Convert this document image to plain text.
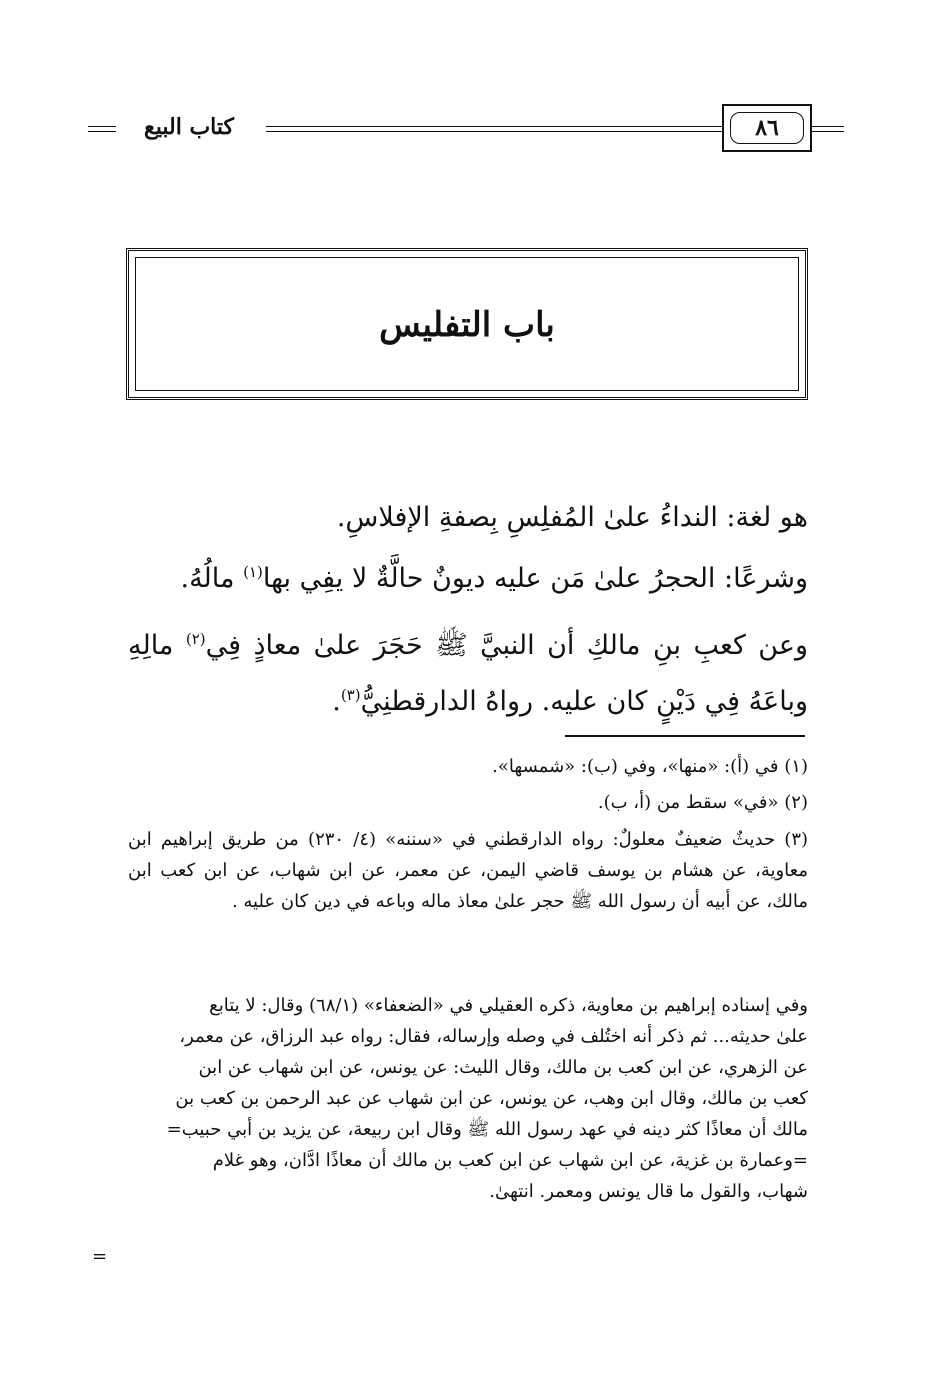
٨٦
كتاب البيع
باب التفليس
هو لغة: النداءُ علىٰ المُفلِسِ بِصفةِ الإفلاسِ.
وشرعًا: الحجرُ علىٰ مَن عليه ديونٌ حالَّةٌ لا يفِي بها$^{(١)}$ مالُهُ.
وعن كعبِ بنِ مالكِ أن النبيَّ ﷺ حَجَرَ علىٰ معاذٍ فِي$^{(٢)}$ مالِهِ وباعَهُ فِي دَيْنٍ كان عليه. رواهُ الدارقطنِيُّ$^{(٣)}$.
(١) في (أ): «منها»، وفي (ب): «شمسها».
(٢) «في» سقط من (أ، ب).
(٣) حديثٌ ضعيفٌ معلولٌ: رواه الدارقطني في «سننه» (٤/ ٢٣٠) من طريق إبراهيم ابن معاوية، عن هشام بن يوسف قاضي اليمن، عن معمر، عن ابن شهاب، عن ابن كعب ابن مالك، عن أبيه أن رسول الله ﷺ حجر علىٰ معاذ ماله وباعه في دين كان عليه .
وفي إسناده إبراهيم بن معاوية، ذكره العقيلي في «الضعفاء» (٦٨/١) وقال: لا يتابع
علىٰ حديثه... ثم ذكر أنه اختُلف في وصله وإرساله، فقال: رواه عبد الرزاق، عن معمر،
عن الزهري، عن ابن كعب بن مالك، وقال الليث: عن يونس، عن ابن شهاب عن ابن
كعب بن مالك، وقال ابن وهب، عن يونس، عن ابن شهاب عن عبد الرحمن بن كعب بن
مالك أن معاذًا كثر دينه في عهد رسول الله ﷺ وقال ابن ربيعة، عن يزيد بن أبي حبيب=
=وعمارة بن غزية، عن ابن شهاب عن ابن كعب بن مالك أن معاذًا ادَّان، وهو غلام
شهاب، والقول ما قال يونس ومعمر. انتهىٰ.
=
